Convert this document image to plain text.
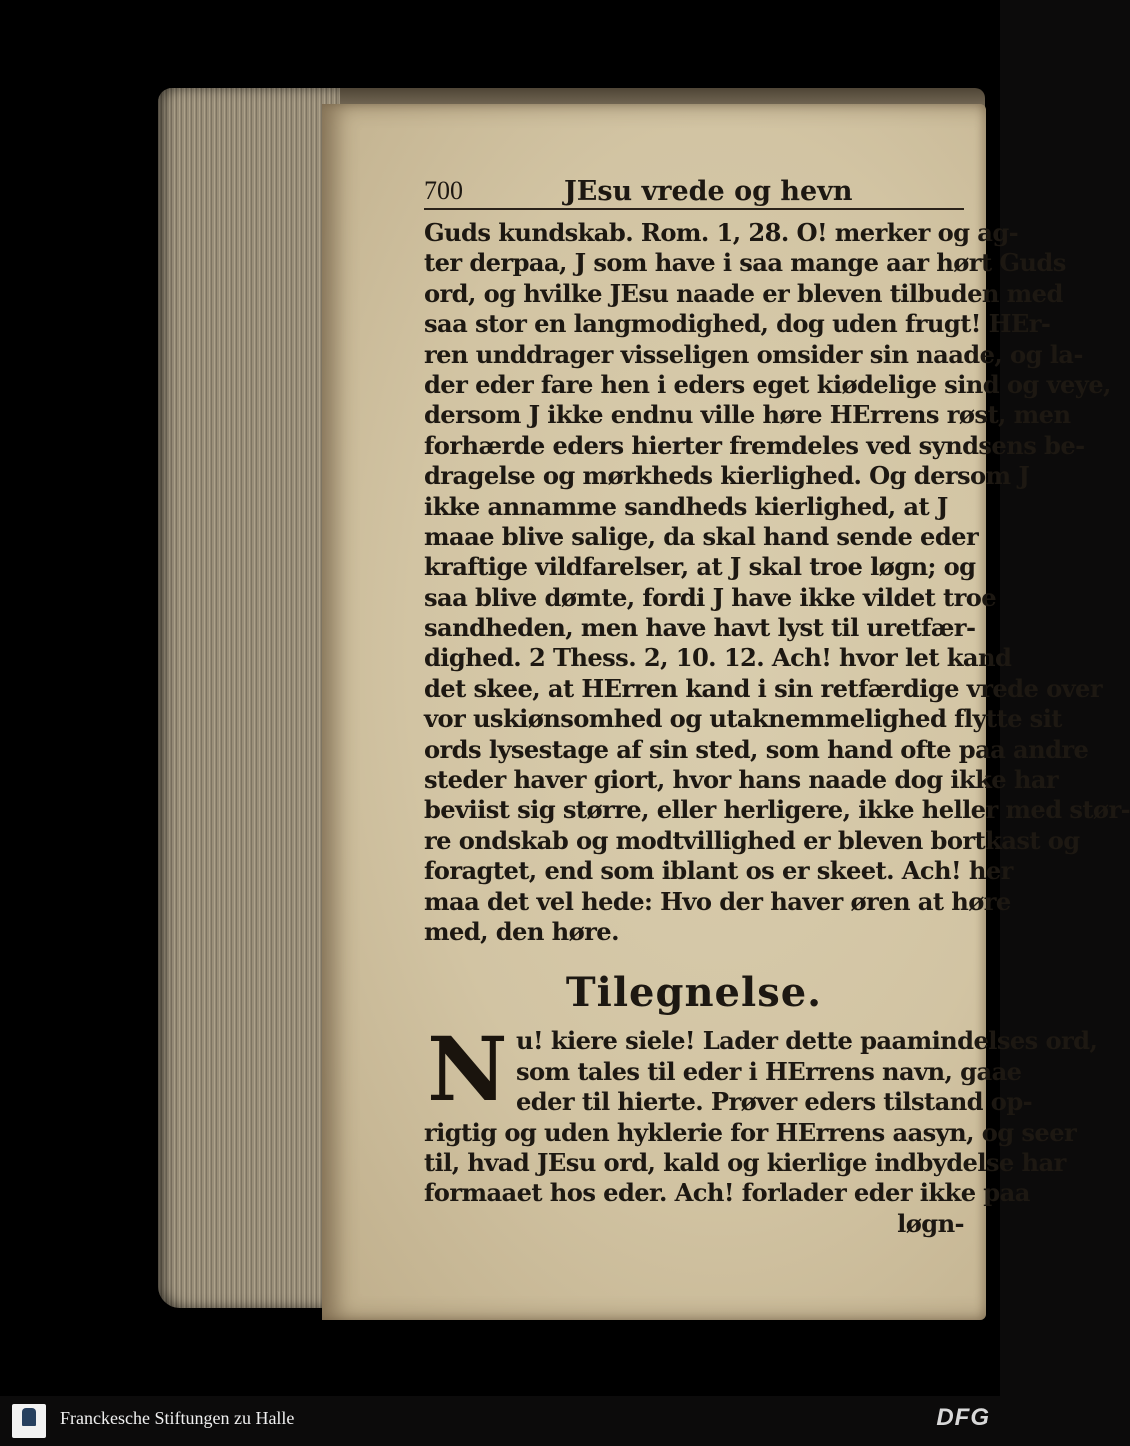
700	JEsu vrede og hevn
Guds kundskab. Rom. 1, 28. O! merker og ag-
ter derpaa, J som have i saa mange aar hørt Guds
ord, og hvilke JEsu naade er bleven tilbuden med
saa stor en langmodighed, dog uden frugt! HEr-
ren unddrager visseligen omsider sin naade, og la-
der eder fare hen i eders eget kiødelige sind og veye,
dersom J ikke endnu ville høre HErrens røst, men
forhærde eders hierter fremdeles ved syndsens be-
dragelse og mørkheds kierlighed. Og dersom J
ikke annamme sandheds kierlighed, at J
maae blive salige, da skal hand sende eder
kraftige vildfarelser, at J skal troe løgn; og
saa blive dømte, fordi J have ikke vildet troe
sandheden, men have havt lyst til uretfær-
dighed. 2 Thess. 2, 10. 12. Ach! hvor let kand
det skee, at HErren kand i sin retfærdige vrede over
vor uskiønsomhed og utaknemmelighed flytte sit
ords lysestage af sin sted, som hand ofte paa andre
steder haver giort, hvor hans naade dog ikke har
beviist sig større, eller herligere, ikke heller med stør-
re ondskab og modtvillighed er bleven bortkast og
foragtet, end som iblant os er skeet. Ach! her
maa det vel hede: Hvo der haver øren at høre
med, den høre.
Tilegnelse.
N u! kiere siele! Lader dette paamindelses ord,
som tales til eder i HErrens navn, gaae
eder til hierte. Prøver eders tilstand op-
rigtig og uden hyklerie for HErrens aasyn, og seer
til, hvad JEsu ord, kald og kierlige indbydelse har
formaaet hos eder. Ach! forlader eder ikke paa
løgn-
Franckesche Stiftungen zu Halle	DFG
